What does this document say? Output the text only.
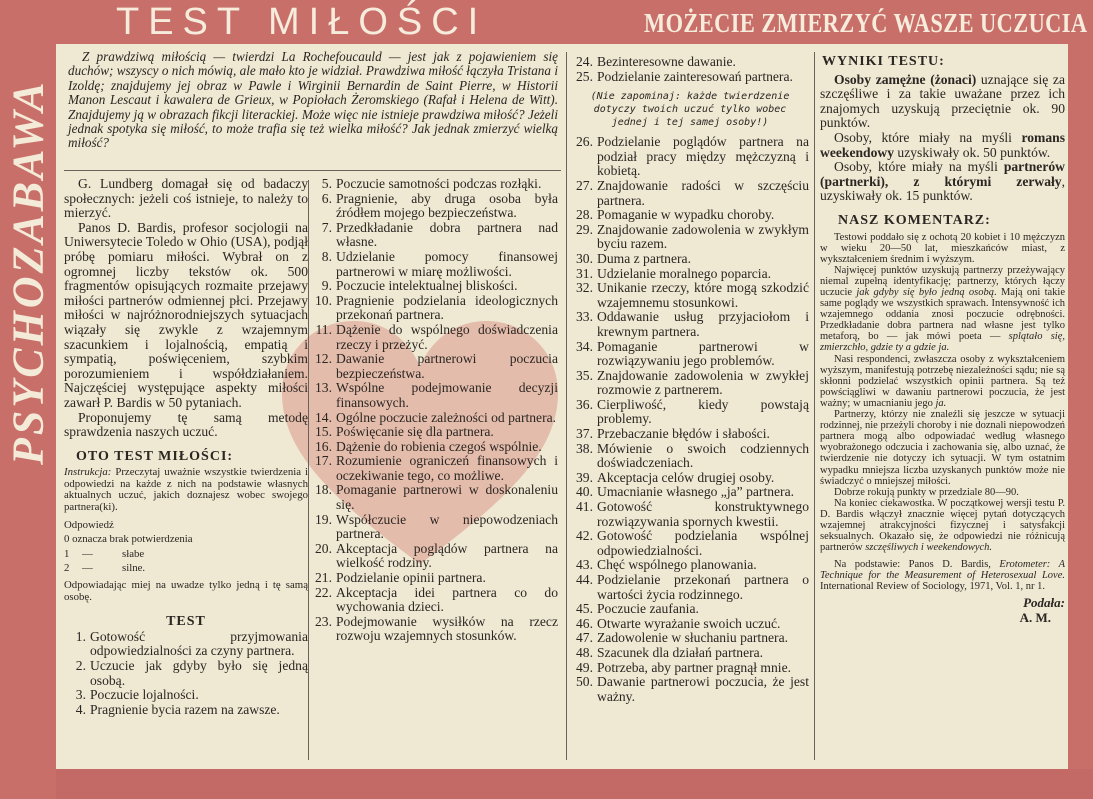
PSYCHOZABAWA
TEST MIŁOŚCI	MOŻECIE ZMIERZYĆ WASZE UCZUCIA
Z prawdziwą miłością — twierdzi La Rochefoucauld — jest jak z pojawieniem się duchów; wszyscy o nich mówią, ale mało kto je widział. Prawdziwa miłość łączyła Tristana i Izoldę; znajdujemy jej obraz w Pawle i Wirginii Bernardin de Saint Pierre, w Historii Manon Lescaut i kawalera de Grieux, w Popiołach Żeromskiego (Rafał i Helena de Witt). Znajdujemy ją w obrazach fikcji literackiej. Może więc nie istnieje prawdziwa miłość? Jeżeli jednak spotyka się miłość, to może trafia się też wielka miłość? Jak jednak zmierzyć wielką miłość?

G. Lundberg domagał się od badaczy społecznych: jeżeli coś istnieje, to należy to mierzyć.

Panos D. Bardis, profesor socjologii na Uniwersytecie Toledo w Ohio (USA), podjął próbę pomiaru miłości. Wybrał on z ogromnej liczby tekstów ok. 500 fragmentów opisujących rozmaite przejawy miłości partnerów odmiennej płci. Przejawy miłości w najróżnorodniejszych sytuacjach wiązały się zwykle z wzajemnym szacunkiem i lojalnością, empatią i sympatią, poświęceniem, szybkim porozumieniem i współdziałaniem. Najczęściej występujące aspekty miłości zawarł P. Bardis w 50 pytaniach.

Proponujemy tę samą metodę sprawdzenia naszych uczuć.

OTO TEST MIŁOŚCI:
Instrukcja: Przeczytaj uważnie wszystkie twierdzenia i odpowiedzi na każde z nich na podstawie własnych aktualnych uczuć, jakich doznajesz wobec swojego partnera(ki).
Odpowiedź
0 oznacza brak potwierdzenia
1 —	słabe
2 —	silne.
Odpowiadając miej na uwadze tylko jedną i tę samą osobę.
TEST
1. Gotowość przyjmowania odpowiedzialności za czyny partnera.
2. Uczucie jak gdyby było się jedną osobą.
3. Poczucie lojalności.
4. Pragnienie bycia razem na zawsze.
5. Poczucie samotności podczas rozłąki.
6. Pragnienie, aby druga osoba była źródłem mojego bezpieczeństwa.
7. Przedkładanie dobra partnera nad własne.
8. Udzielanie pomocy finansowej partnerowi w miarę możliwości.
9. Poczucie intelektualnej bliskości.
10. Pragnienie podzielania ideologicznych przekonań partnera.
11. Dążenie do wspólnego doświadczenia rzeczy i przeżyć.
12. Dawanie partnerowi poczucia bezpieczeństwa.
13. Wspólne podejmowanie decyzji finansowych.
14. Ogólne poczucie zależności od partnera.
15. Poświęcanie się dla partnera.
16. Dążenie do robienia czegoś wspólnie.
17. Rozumienie ograniczeń finansowych i oczekiwanie tego, co możliwe.
18. Pomaganie partnerowi w doskonaleniu się.
19. Współczucie w niepowodzeniach partnera.
20. Akceptacja poglądów partnera na wielkość rodziny.
21. Podzielanie opinii partnera.
22. Akceptacja idei partnera co do wychowania dzieci.
23. Podejmowanie wysiłków na rzecz rozwoju wzajemnych stosunków.
24. Bezinteresowne dawanie.
25. Podzielanie zainteresowań partnera.
(Nie zapominaj: każde twierdzenie dotyczy twoich uczuć tylko wobec jednej i tej samej osoby!)
26. Podzielanie poglądów partnera na podział pracy między mężczyzną i kobietą.
27. Znajdowanie radości w szczęściu partnera.
28. Pomaganie w wypadku choroby.
29. Znajdowanie zadowolenia w zwykłym byciu razem.
30. Duma z partnera.
31. Udzielanie moralnego poparcia.
32. Unikanie rzeczy, które mogą szkodzić wzajemnemu stosunkowi.
33. Oddawanie usług przyjaciołom i krewnym partnera.
34. Pomaganie partnerowi w rozwiązywaniu jego problemów.
35. Znajdowanie zadowolenia w zwykłej rozmowie z partnerem.
36. Cierpliwość, kiedy powstają problemy.
37. Przebaczanie błędów i słabości.
38. Mówienie o swoich codziennych doświadczeniach.
39. Akceptacja celów drugiej osoby.
40. Umacnianie własnego „ja” partnera.
41. Gotowość konstruktywnego rozwiązywania spornych kwestii.
42. Gotowość podzielania wspólnej odpowiedzialności.
43. Chęć wspólnego planowania.
44. Podzielanie przekonań partnera o wartości życia rodzinnego.
45. Poczucie zaufania.
46. Otwarte wyrażanie swoich uczuć.
47. Zadowolenie w słuchaniu partnera.
48. Szacunek dla działań partnera.
49. Potrzeba, aby partner pragnął mnie.
50. Dawanie partnerowi poczucia, że jest ważny.
WYNIKI TESTU:

Osoby zamężne (żonaci) uznające się za szczęśliwe i za takie uważane przez ich znajomych uzyskują przeciętnie ok. 90 punktów.

Osoby, które miały na myśli romans weekendowy uzyskiwały ok. 50 punktów.

Osoby, które miały na myśli partnerów (partnerki), z którymi zerwały, uzyskiwały ok. 15 punktów.

NASZ KOMENTARZ:

Testowi poddało się z ochotą 20 kobiet i 10 mężczyzn w wieku 20—50 lat, mieszkańców miast, z wykształceniem średnim i wyższym.

Najwięcej punktów uzyskują partnerzy przeżywający niemal zupełną identyfikację; partnerzy, których łączy uczucie jak gdyby się było jedną osobą. Mają oni takie same poglądy we wszystkich sprawach. Intensywność ich wzajemnego oddania znosi poczucie odrębności. Przedkładanie dobra partnera nad własne jest tylko metaforą, bo — jak mówi poeta — splątało się, zmierzchło, gdzie ty a gdzie ja.

Nasi respondenci, zwłaszcza osoby z wykształceniem wyższym, manifestują potrzebę niezależności sądu; nie są skłonni podzielać wszystkich opinii partnera. Są też powściągliwi w dawaniu partnerowi poczucia, że jest ważny; w umacnianiu jego ja.

Partnerzy, którzy nie znaleźli się jeszcze w sytuacji rodzinnej, nie przeżyli choroby i nie doznali niepowodzeń partnera mogą albo odpowiadać według własnego wyobrażonego odczucia i zachowania się, albo uznać, że twierdzenie nie dotyczy ich sytuacji. W tym ostatnim wypadku mniejsza liczba uzyskanych punktów może nie świadczyć o mniejszej miłości.

Dobrze rokują punkty w przedziale 80—90.

Na koniec ciekawostka. W początkowej wersji testu P. D. Bardis włączył znacznie więcej pytań dotyczących wzajemnej atrakcyjności fizycznej i satysfakcji seksualnych. Okazało się, że odpowiedzi nie różnicują partnerów szczęśliwych i weekendowych.

Na podstawie: Panos D. Bardis, Erotometer: A Technique for the Measurement of Heterosexual Love. International Review of Sociology, 1971, Vol. 1, nr 1.

Podała:
A. M.
